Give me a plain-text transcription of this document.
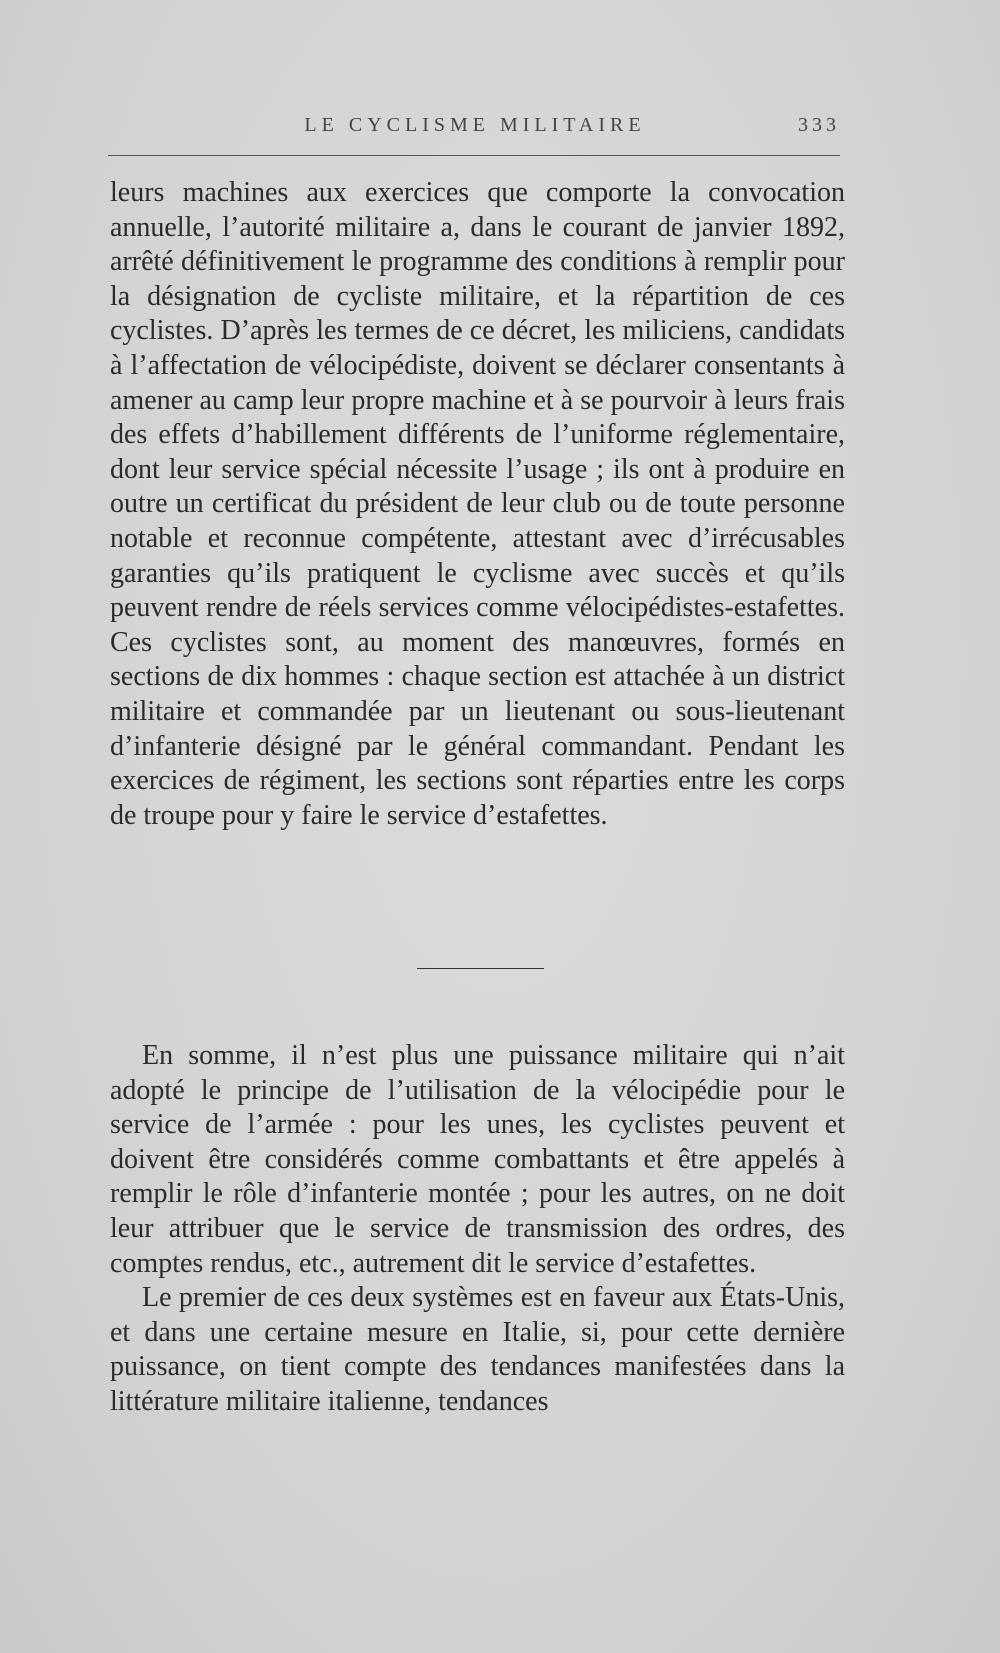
LE CYCLISME MILITAIRE	333

leurs machines aux exercices que comporte la convocation annuelle, l’autorité militaire a, dans le courant de janvier 1892, arrêté définitivement le programme des conditions à remplir pour la désignation de cycliste militaire, et la répartition de ces cyclistes. D’après les termes de ce décret, les miliciens, candidats à l’affectation de vélocipédiste, doivent se déclarer consentants à amener au camp leur propre machine et à se pourvoir à leurs frais des effets d’habillement différents de l’uniforme réglementaire, dont leur service spécial nécessite l’usage ; ils ont à produire en outre un certificat du président de leur club ou de toute personne notable et reconnue compétente, attestant avec d’irrécusables garanties qu’ils pratiquent le cyclisme avec succès et qu’ils peuvent rendre de réels services comme vélocipédistes-estafettes. Ces cyclistes sont, au moment des manœuvres, formés en sections de dix hommes : chaque section est attachée à un district militaire et commandée par un lieutenant ou sous-lieutenant d’infanterie désigné par le général commandant. Pendant les exercices de régiment, les sections sont réparties entre les corps de troupe pour y faire le service d’estafettes.

En somme, il n’est plus une puissance militaire qui n’ait adopté le principe de l’utilisation de la vélocipédie pour le service de l’armée : pour les unes, les cyclistes peuvent et doivent être considérés comme combattants et être appelés à remplir le rôle d’infanterie montée ; pour les autres, on ne doit leur attribuer que le service de transmission des ordres, des comptes rendus, etc., autrement dit le service d’estafettes.

Le premier de ces deux systèmes est en faveur aux États-Unis, et dans une certaine mesure en Italie, si, pour cette dernière puissance, on tient compte des tendances manifestées dans la littérature militaire italienne, tendances
